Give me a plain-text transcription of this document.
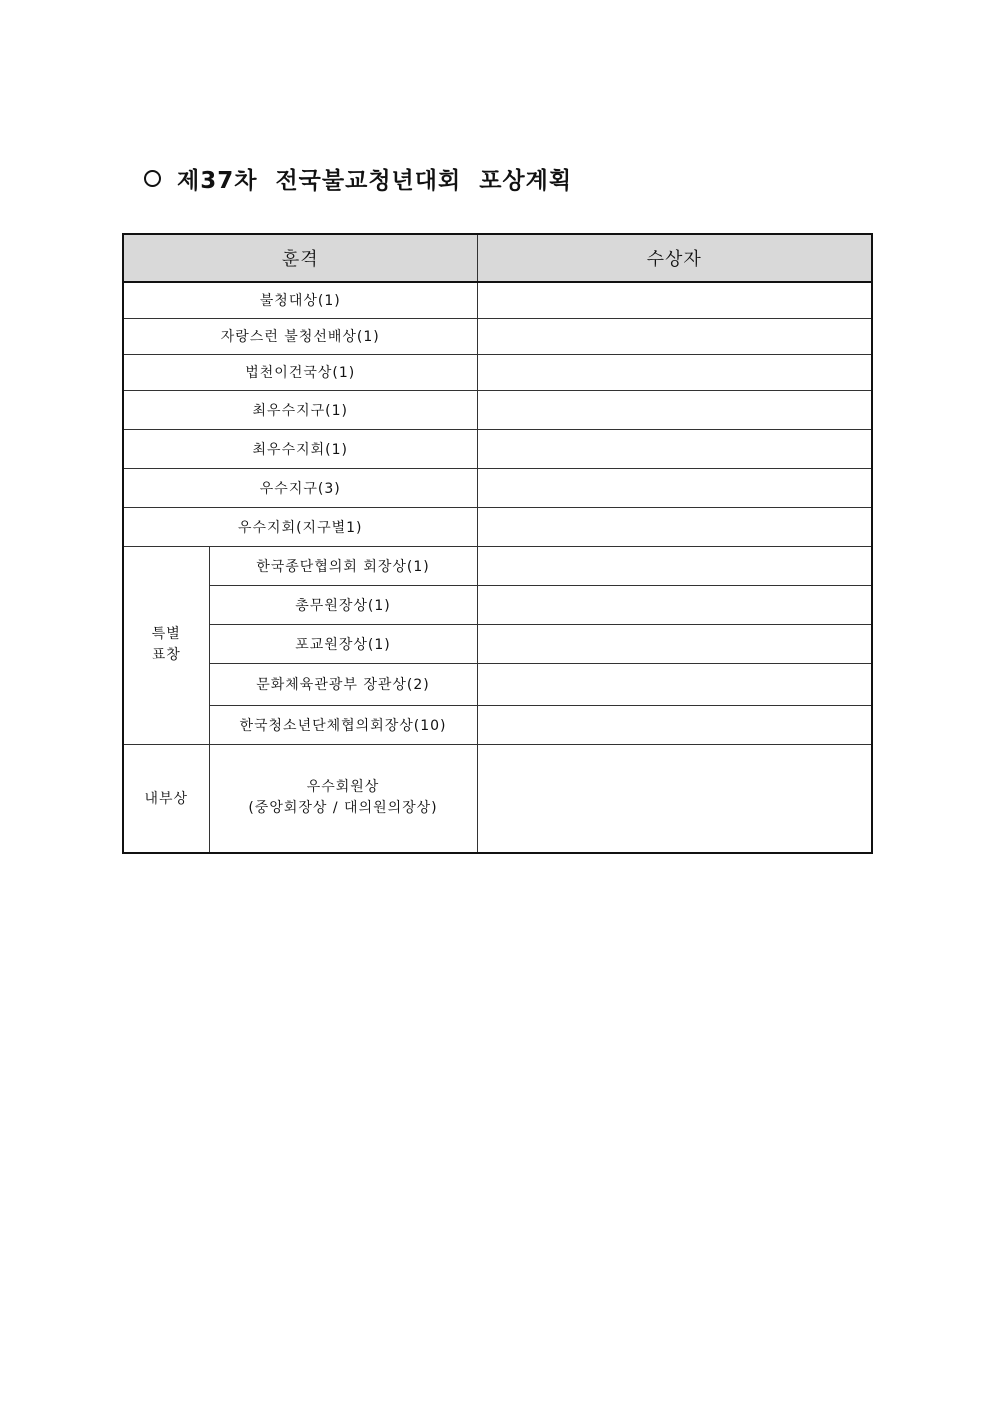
제37차  전국불교청년대회  포상계획
훈격		수상자
불청대상(1)		
자랑스런 불청선배상(1)		
법천이건국상(1)		
최우수지구(1)		
최우수지회(1)		
우수지구(3)		
우수지회(지구별1)		
특별
표창	한국종단협의회 회장상(1)	
	총무원장상(1)	
	포교원장상(1)	
	문화체육관광부 장관상(2)	
	한국청소년단체협의회장상(10)	
내부상	우수회원상
(중앙회장상 / 대의원의장상)	
